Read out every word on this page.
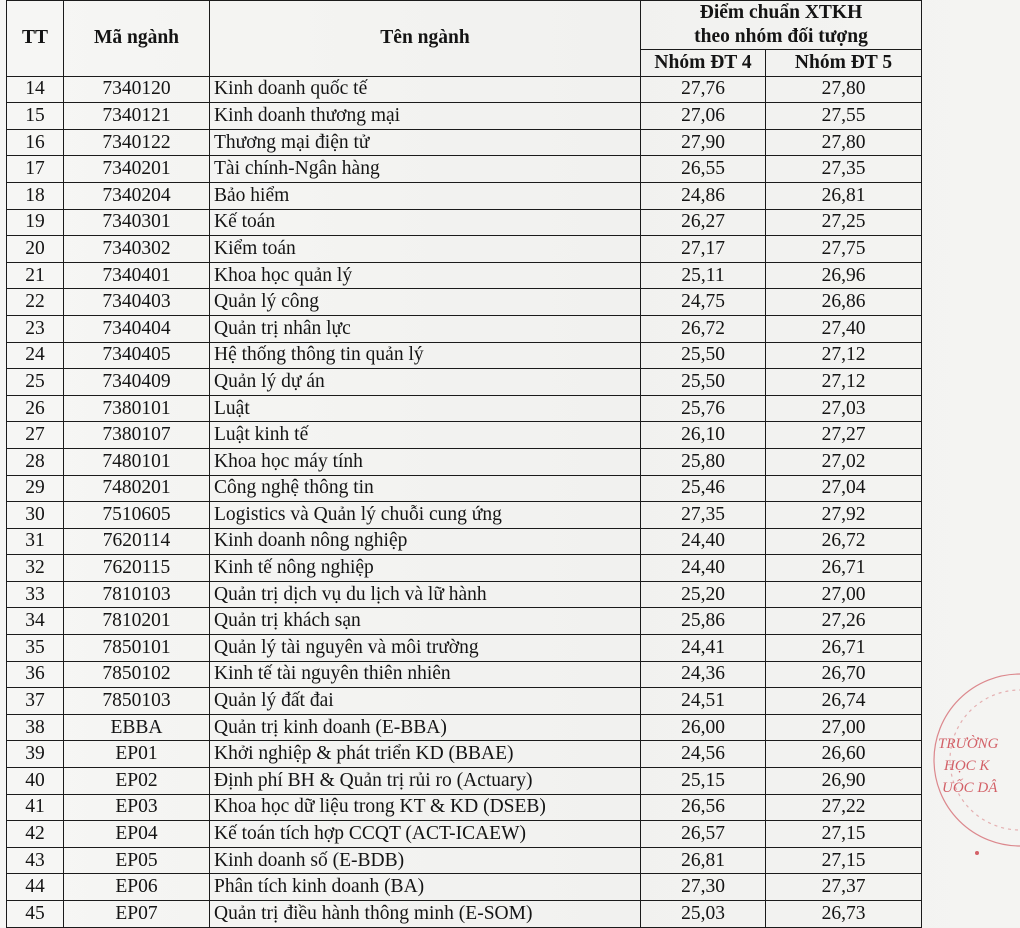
TT	Mã ngành	Tên ngành	Điểm chuẩn XTKH
theo nhóm đối tượng	

			Nhóm ĐT 4	Nhóm ĐT 5
14	7340120	Kinh doanh quốc tế	27,76	27,80
15	7340121	Kinh doanh thương mại	27,06	27,55
16	7340122	Thương mại điện tử	27,90	27,80
17	7340201	Tài chính-Ngân hàng	26,55	27,35
18	7340204	Bảo hiểm	24,86	26,81
19	7340301	Kế toán	26,27	27,25
20	7340302	Kiểm toán	27,17	27,75
21	7340401	Khoa học quản lý	25,11	26,96
22	7340403	Quản lý công	24,75	26,86
23	7340404	Quản trị nhân lực	26,72	27,40
24	7340405	Hệ thống thông tin quản lý	25,50	27,12
25	7340409	Quản lý dự án	25,50	27,12
26	7380101	Luật	25,76	27,03
27	7380107	Luật kinh tế	26,10	27,27
28	7480101	Khoa học máy tính	25,80	27,02
29	7480201	Công nghệ thông tin	25,46	27,04
30	7510605	Logistics và Quản lý chuỗi cung ứng	27,35	27,92
31	7620114	Kinh doanh nông nghiệp	24,40	26,72
32	7620115	Kinh tế nông nghiệp	24,40	26,71
33	7810103	Quản trị dịch vụ du lịch và lữ hành	25,20	27,00
34	7810201	Quản trị khách sạn	25,86	27,26
35	7850101	Quản lý tài nguyên và môi trường	24,41	26,71
36	7850102	Kinh tế tài nguyên thiên nhiên	24,36	26,70
37	7850103	Quản lý đất đai	24,51	26,74
38	EBBA	Quản trị kinh doanh (E-BBA)	26,00	27,00
39	EP01	Khởi nghiệp & phát triển KD (BBAE)	24,56	26,60
40	EP02	Định phí BH & Quản trị rủi ro (Actuary)	25,15	26,90
41	EP03	Khoa học dữ liệu trong KT & KD (DSEB)	26,56	27,22
42	EP04	Kế toán tích hợp CCQT (ACT-ICAEW)	26,57	27,15
43	EP05	Kinh doanh số (E-BDB)	26,81	27,15
44	EP06	Phân tích kinh doanh (BA)	27,30	27,37
45	EP07	Quản trị điều hành thông minh (E-SOM)	25,03	26,73
TRƯỜNG
HỌC K
UỐC DÂ
